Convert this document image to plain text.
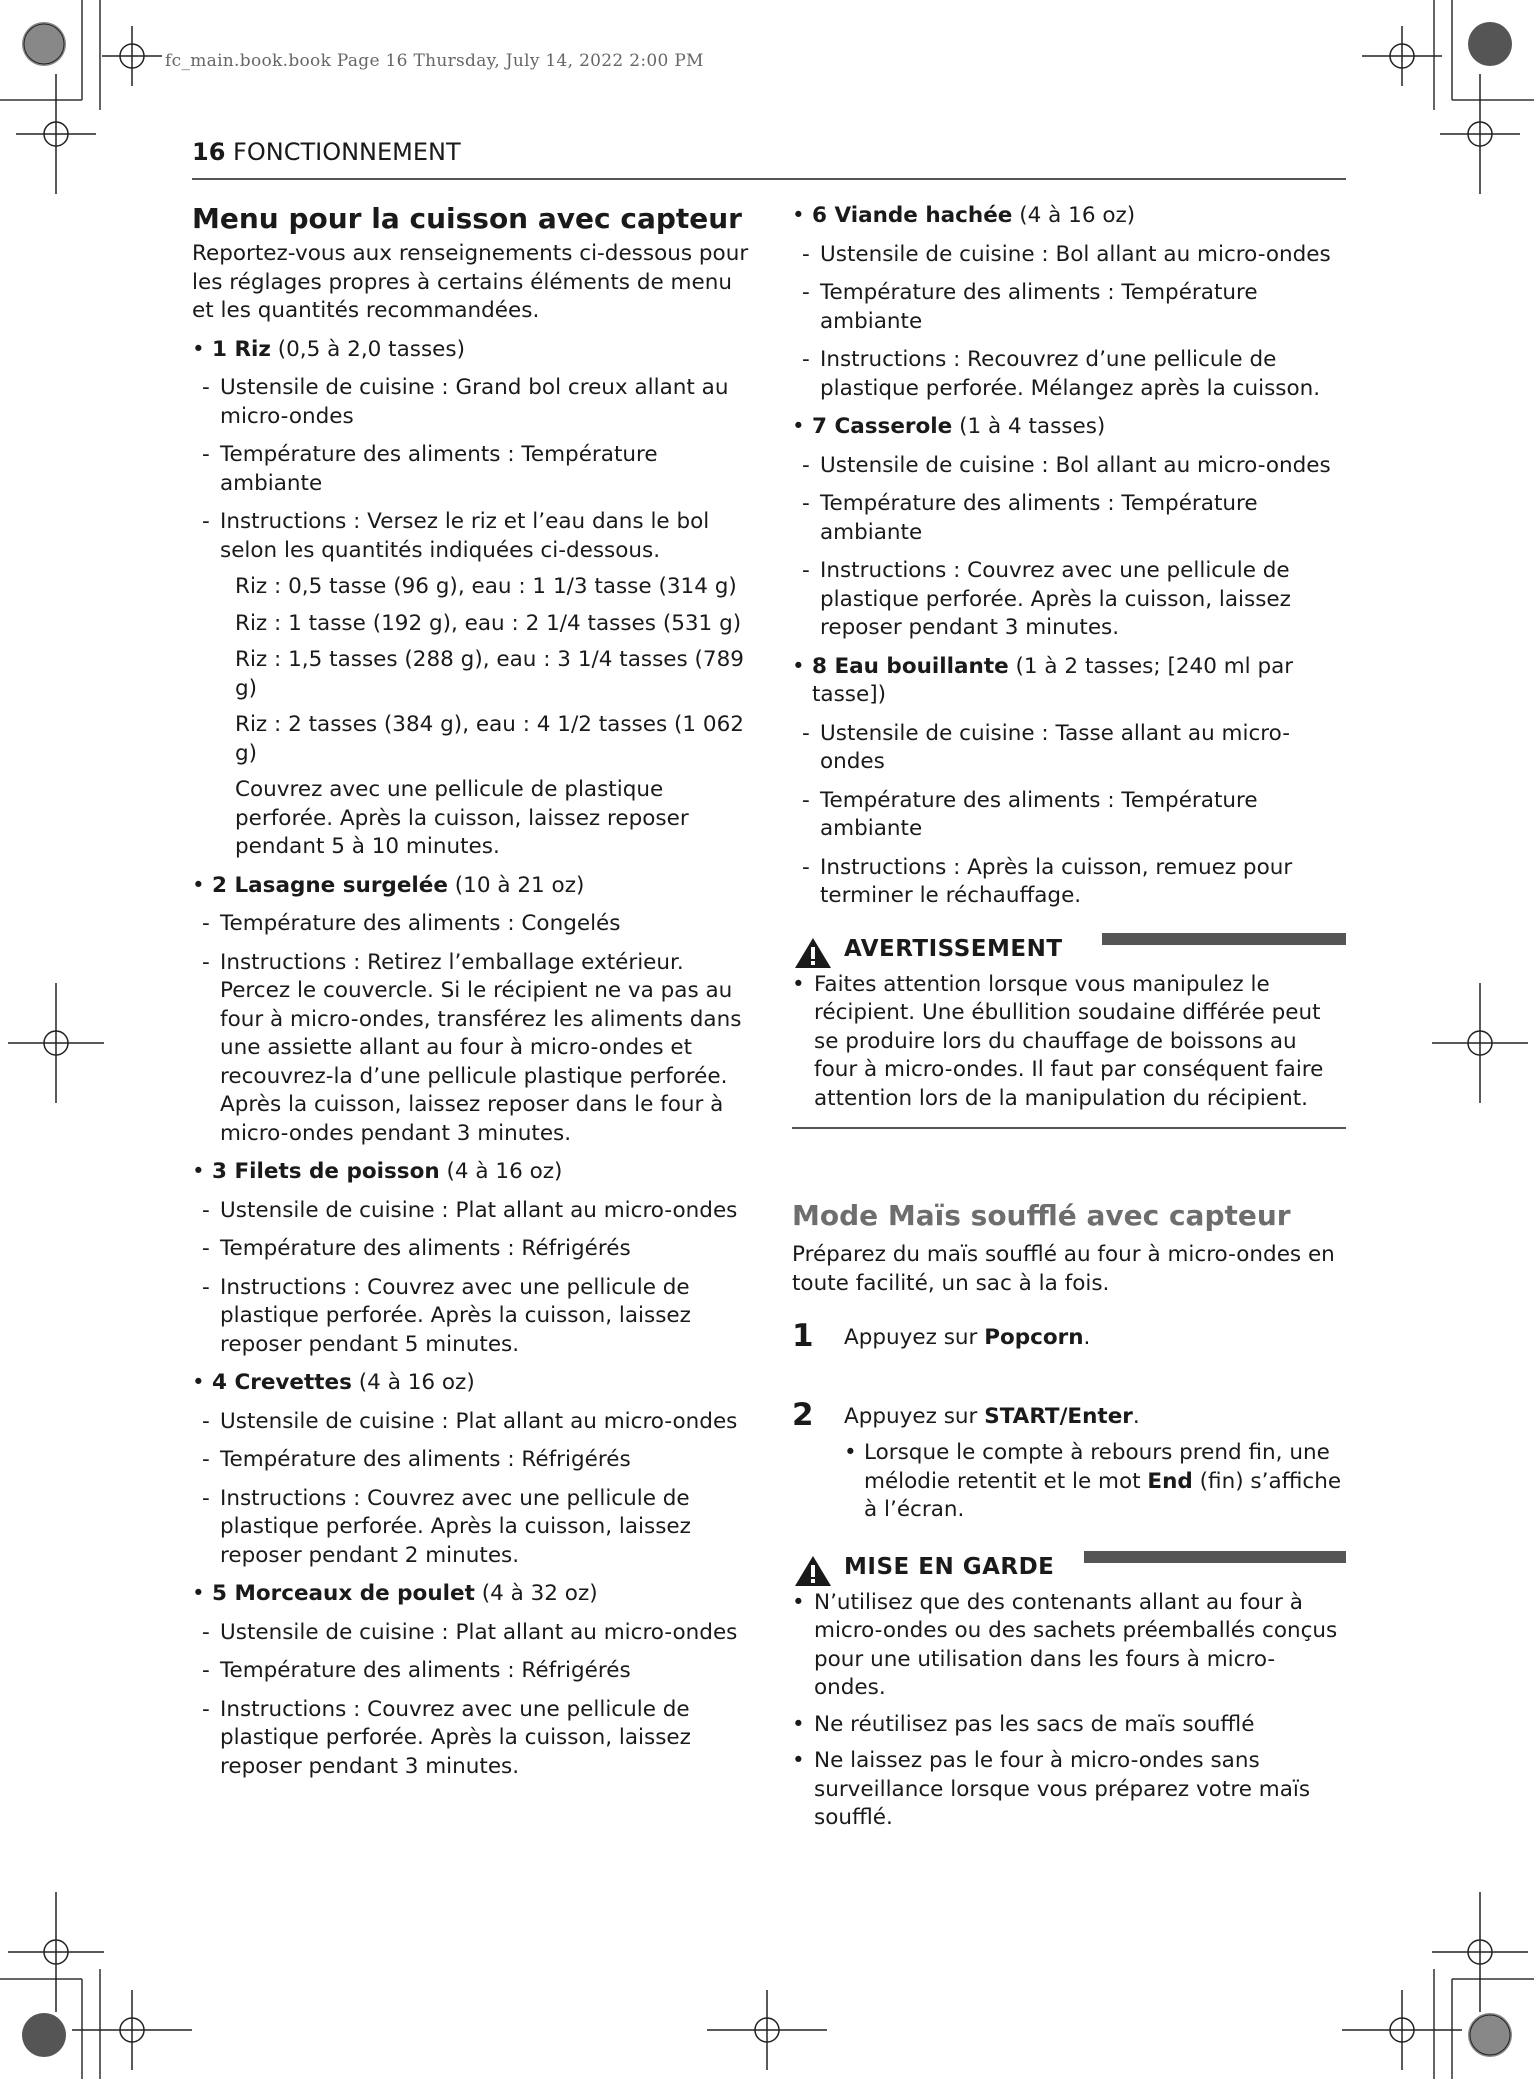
fc_main.book.book Page 16 Thursday, July 14, 2022 2:00 PM
16 FONCTIONNEMENT
Menu pour la cuisson avec capteur
Reportez-vous aux renseignements ci-dessous pour les réglages propres à certains éléments de menu et les quantités recommandées.
• 1 Riz (0,5 à 2,0 tasses)
- Ustensile de cuisine : Grand bol creux allant au micro-ondes
- Température des aliments : Température ambiante
- Instructions : Versez le riz et l’eau dans le bol selon les quantités indiquées ci-dessous.
Riz : 0,5 tasse (96 g), eau : 1 1/3 tasse (314 g)
Riz : 1 tasse (192 g), eau : 2 1/4 tasses (531 g)
Riz : 1,5 tasses (288 g), eau : 3 1/4 tasses (789 g)
Riz : 2 tasses (384 g), eau : 4 1/2 tasses (1 062 g)
Couvrez avec une pellicule de plastique perforée. Après la cuisson, laissez reposer pendant 5 à 10 minutes.
• 2 Lasagne surgelée (10 à 21 oz)
- Température des aliments : Congelés
- Instructions : Retirez l’emballage extérieur. Percez le couvercle. Si le récipient ne va pas au four à micro-ondes, transférez les aliments dans une assiette allant au four à micro-ondes et recouvrez-la d’une pellicule plastique perforée. Après la cuisson, laissez reposer dans le four à micro-ondes pendant 3 minutes.
• 3 Filets de poisson (4 à 16 oz)
- Ustensile de cuisine : Plat allant au micro-ondes
- Température des aliments : Réfrigérés
- Instructions : Couvrez avec une pellicule de plastique perforée. Après la cuisson, laissez reposer pendant 5 minutes.
• 4 Crevettes (4 à 16 oz)
- Ustensile de cuisine : Plat allant au micro-ondes
- Température des aliments : Réfrigérés
- Instructions : Couvrez avec une pellicule de plastique perforée. Après la cuisson, laissez reposer pendant 2 minutes.
• 5 Morceaux de poulet (4 à 32 oz)
- Ustensile de cuisine : Plat allant au micro-ondes
- Température des aliments : Réfrigérés
- Instructions : Couvrez avec une pellicule de plastique perforée. Après la cuisson, laissez reposer pendant 3 minutes.
• 6 Viande hachée (4 à 16 oz)
- Ustensile de cuisine : Bol allant au micro-ondes
- Température des aliments : Température ambiante
- Instructions : Recouvrez d’une pellicule de plastique perforée. Mélangez après la cuisson.
• 7 Casserole (1 à 4 tasses)
- Ustensile de cuisine : Bol allant au micro-ondes
- Température des aliments : Température ambiante
- Instructions : Couvrez avec une pellicule de plastique perforée. Après la cuisson, laissez reposer pendant 3 minutes.
• 8 Eau bouillante (1 à 2 tasses; [240 ml par tasse])
- Ustensile de cuisine : Tasse allant au micro-ondes
- Température des aliments : Température ambiante
- Instructions : Après la cuisson, remuez pour terminer le réchauffage.
AVERTISSEMENT
• Faites attention lorsque vous manipulez le récipient. Une ébullition soudaine différée peut se produire lors du chauffage de boissons au four à micro-ondes. Il faut par conséquent faire attention lors de la manipulation du récipient.
Mode Maïs soufflé avec capteur
Préparez du maïs soufflé au four à micro-ondes en toute facilité, un sac à la fois.
1 Appuyez sur Popcorn.
2 Appuyez sur START/Enter.
• Lorsque le compte à rebours prend fin, une mélodie retentit et le mot End (fin) s’affiche à l’écran.
MISE EN GARDE
• N’utilisez que des contenants allant au four à micro-ondes ou des sachets préemballés conçus pour une utilisation dans les fours à micro-ondes.
• Ne réutilisez pas les sacs de maïs soufflé
• Ne laissez pas le four à micro-ondes sans surveillance lorsque vous préparez votre maïs soufflé.
